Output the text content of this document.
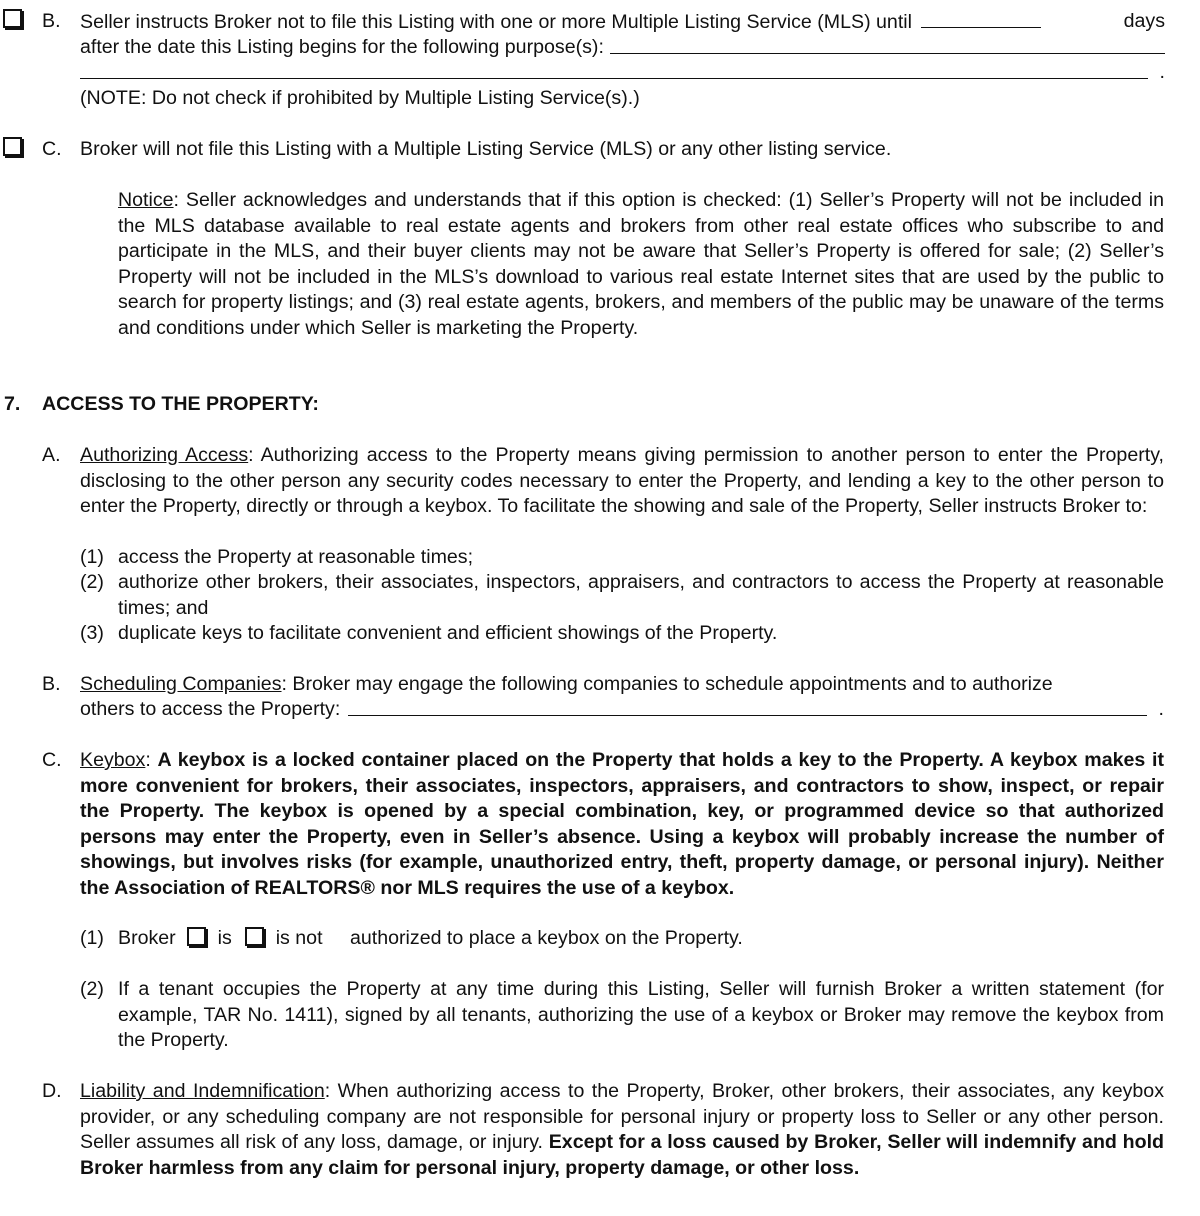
B. Seller instructs Broker not to file this Listing with one or more Multiple Listing Service (MLS) until	days
after the date this Listing begins for the following purpose(s):
.
(NOTE: Do not check if prohibited by Multiple Listing Service(s).)
C. Broker will not file this Listing with a Multiple Listing Service (MLS) or any other listing service.
Notice: Seller acknowledges and understands that if this option is checked: (1) Seller’s Property will not be included in the MLS database available to real estate agents and brokers from other real estate offices who subscribe to and participate in the MLS, and their buyer clients may not be aware that Seller’s Property is offered for sale; (2) Seller’s Property will not be included in the MLS’s download to various real estate Internet sites that are used by the public to search for property listings; and (3) real estate agents, brokers, and members of the public may be unaware of the terms and conditions under which Seller is marketing the Property.
7. ACCESS TO THE PROPERTY:
A. Authorizing Access: Authorizing access to the Property means giving permission to another person to enter the Property, disclosing to the other person any security codes necessary to enter the Property, and lending a key to the other person to enter the Property, directly or through a keybox. To facilitate the showing and sale of the Property, Seller instructs Broker to:
(1) access the Property at reasonable times;
(2) authorize other brokers, their associates, inspectors, appraisers, and contractors to access the Property at reasonable times; and
(3) duplicate keys to facilitate convenient and efficient showings of the Property.
B. Scheduling Companies: Broker may engage the following companies to schedule appointments and to authorize
others to access the Property:	.
C. Keybox: A keybox is a locked container placed on the Property that holds a key to the Property. A keybox makes it more convenient for brokers, their associates, inspectors, appraisers, and contractors to show, inspect, or repair the Property. The keybox is opened by a special combination, key, or programmed device so that authorized persons may enter the Property, even in Seller’s absence. Using a keybox will probably increase the number of showings, but involves risks (for example, unauthorized entry, theft, property damage, or personal injury). Neither the Association of REALTORS® nor MLS requires the use of a keybox.
(1) Broker is is not authorized to place a keybox on the Property.
(2) If a tenant occupies the Property at any time during this Listing, Seller will furnish Broker a written statement (for example, TAR No. 1411), signed by all tenants, authorizing the use of a keybox or Broker may remove the keybox from the Property.
D. Liability and Indemnification: When authorizing access to the Property, Broker, other brokers, their associates, any keybox provider, or any scheduling company are not responsible for personal injury or property loss to Seller or any other person. Seller assumes all risk of any loss, damage, or injury. Except for a loss caused by Broker, Seller will indemnify and hold Broker harmless from any claim for personal injury, property damage, or other loss.
